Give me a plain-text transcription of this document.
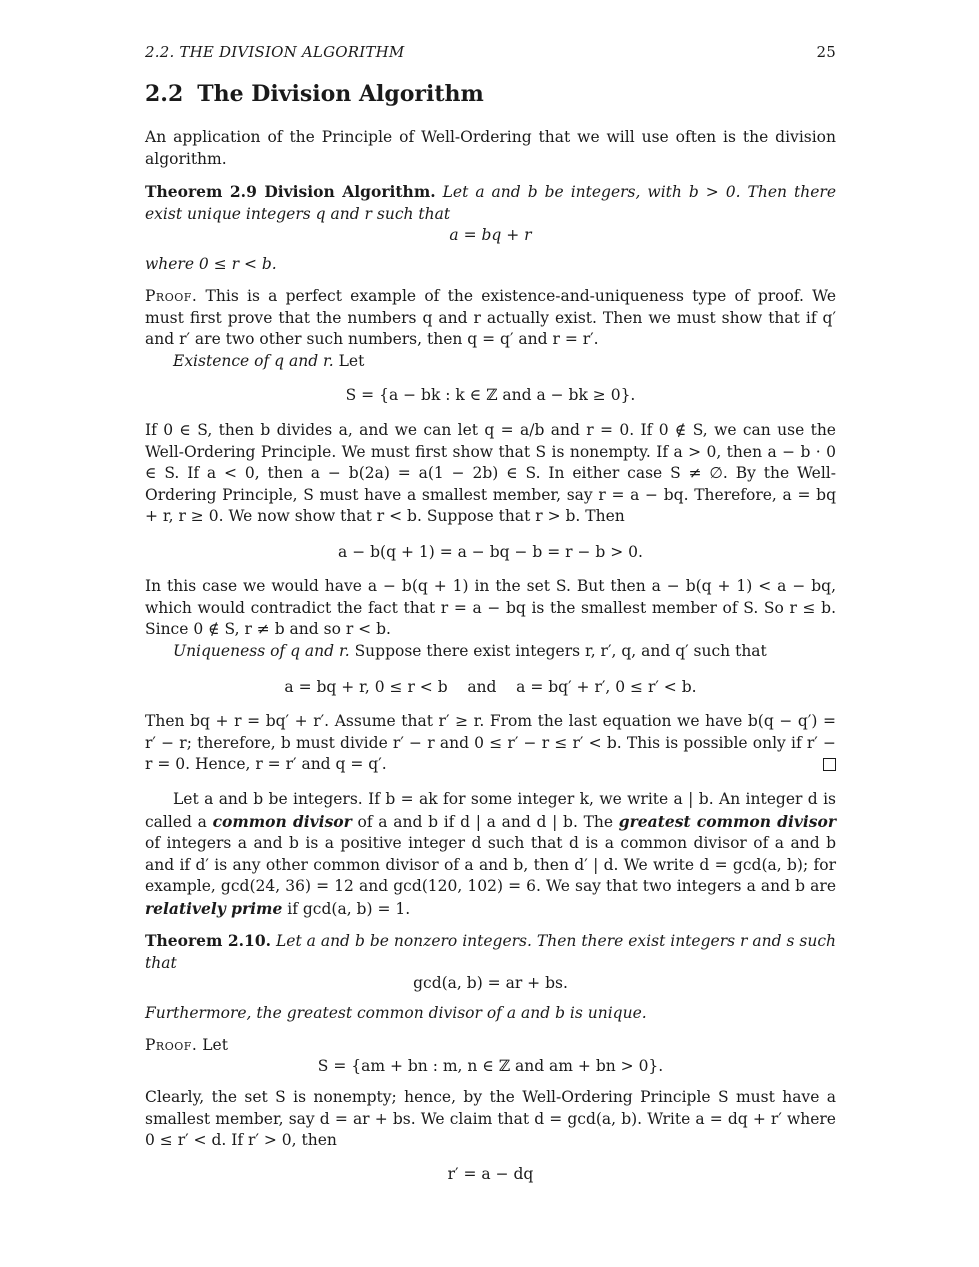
2.2. THE DIVISION ALGORITHM	25
2.2 The Division Algorithm
An application of the Principle of Well-Ordering that we will use often is the division algorithm.
Theorem 2.9 Division Algorithm. Let a and b be integers, with b > 0. Then there exist unique integers q and r such that
a = bq + r
where 0 ≤ r < b.
Proof. This is a perfect example of the existence-and-uniqueness type of proof. We must first prove that the numbers q and r actually exist. Then we must show that if q′ and r′ are two other such numbers, then q = q′ and r = r′.
Existence of q and r. Let
S = {a − bk : k ∈ ℤ and a − bk ≥ 0}.
If 0 ∈ S, then b divides a, and we can let q = a/b and r = 0. If 0 ∉ S, we can use the Well-Ordering Principle. We must first show that S is nonempty. If a > 0, then a − b · 0 ∈ S. If a < 0, then a − b(2a) = a(1 − 2b) ∈ S. In either case S ≠ ∅. By the Well-Ordering Principle, S must have a smallest member, say r = a − bq. Therefore, a = bq + r, r ≥ 0. We now show that r < b. Suppose that r > b. Then
a − b(q + 1) = a − bq − b = r − b > 0.
In this case we would have a − b(q + 1) in the set S. But then a − b(q + 1) < a − bq, which would contradict the fact that r = a − bq is the smallest member of S. So r ≤ b. Since 0 ∉ S, r ≠ b and so r < b.
Uniqueness of q and r. Suppose there exist integers r, r′, q, and q′ such that
a = bq + r, 0 ≤ r < b    and    a = bq′ + r′, 0 ≤ r′ < b.
Then bq + r = bq′ + r′. Assume that r′ ≥ r. From the last equation we have b(q − q′) = r′ − r; therefore, b must divide r′ − r and 0 ≤ r′ − r ≤ r′ < b. This is possible only if r′ − r = 0. Hence, r = r′ and q = q′.
Let a and b be integers. If b = ak for some integer k, we write a | b. An integer d is called a common divisor of a and b if d | a and d | b. The greatest common divisor of integers a and b is a positive integer d such that d is a common divisor of a and b and if d′ is any other common divisor of a and b, then d′ | d. We write d = gcd(a, b); for example, gcd(24, 36) = 12 and gcd(120, 102) = 6. We say that two integers a and b are relatively prime if gcd(a, b) = 1.
Theorem 2.10. Let a and b be nonzero integers. Then there exist integers r and s such that
gcd(a, b) = ar + bs.
Furthermore, the greatest common divisor of a and b is unique.
Proof. Let
S = {am + bn : m, n ∈ ℤ and am + bn > 0}.
Clearly, the set S is nonempty; hence, by the Well-Ordering Principle S must have a smallest member, say d = ar + bs. We claim that d = gcd(a, b). Write a = dq + r′ where 0 ≤ r′ < d. If r′ > 0, then
r′ = a − dq
